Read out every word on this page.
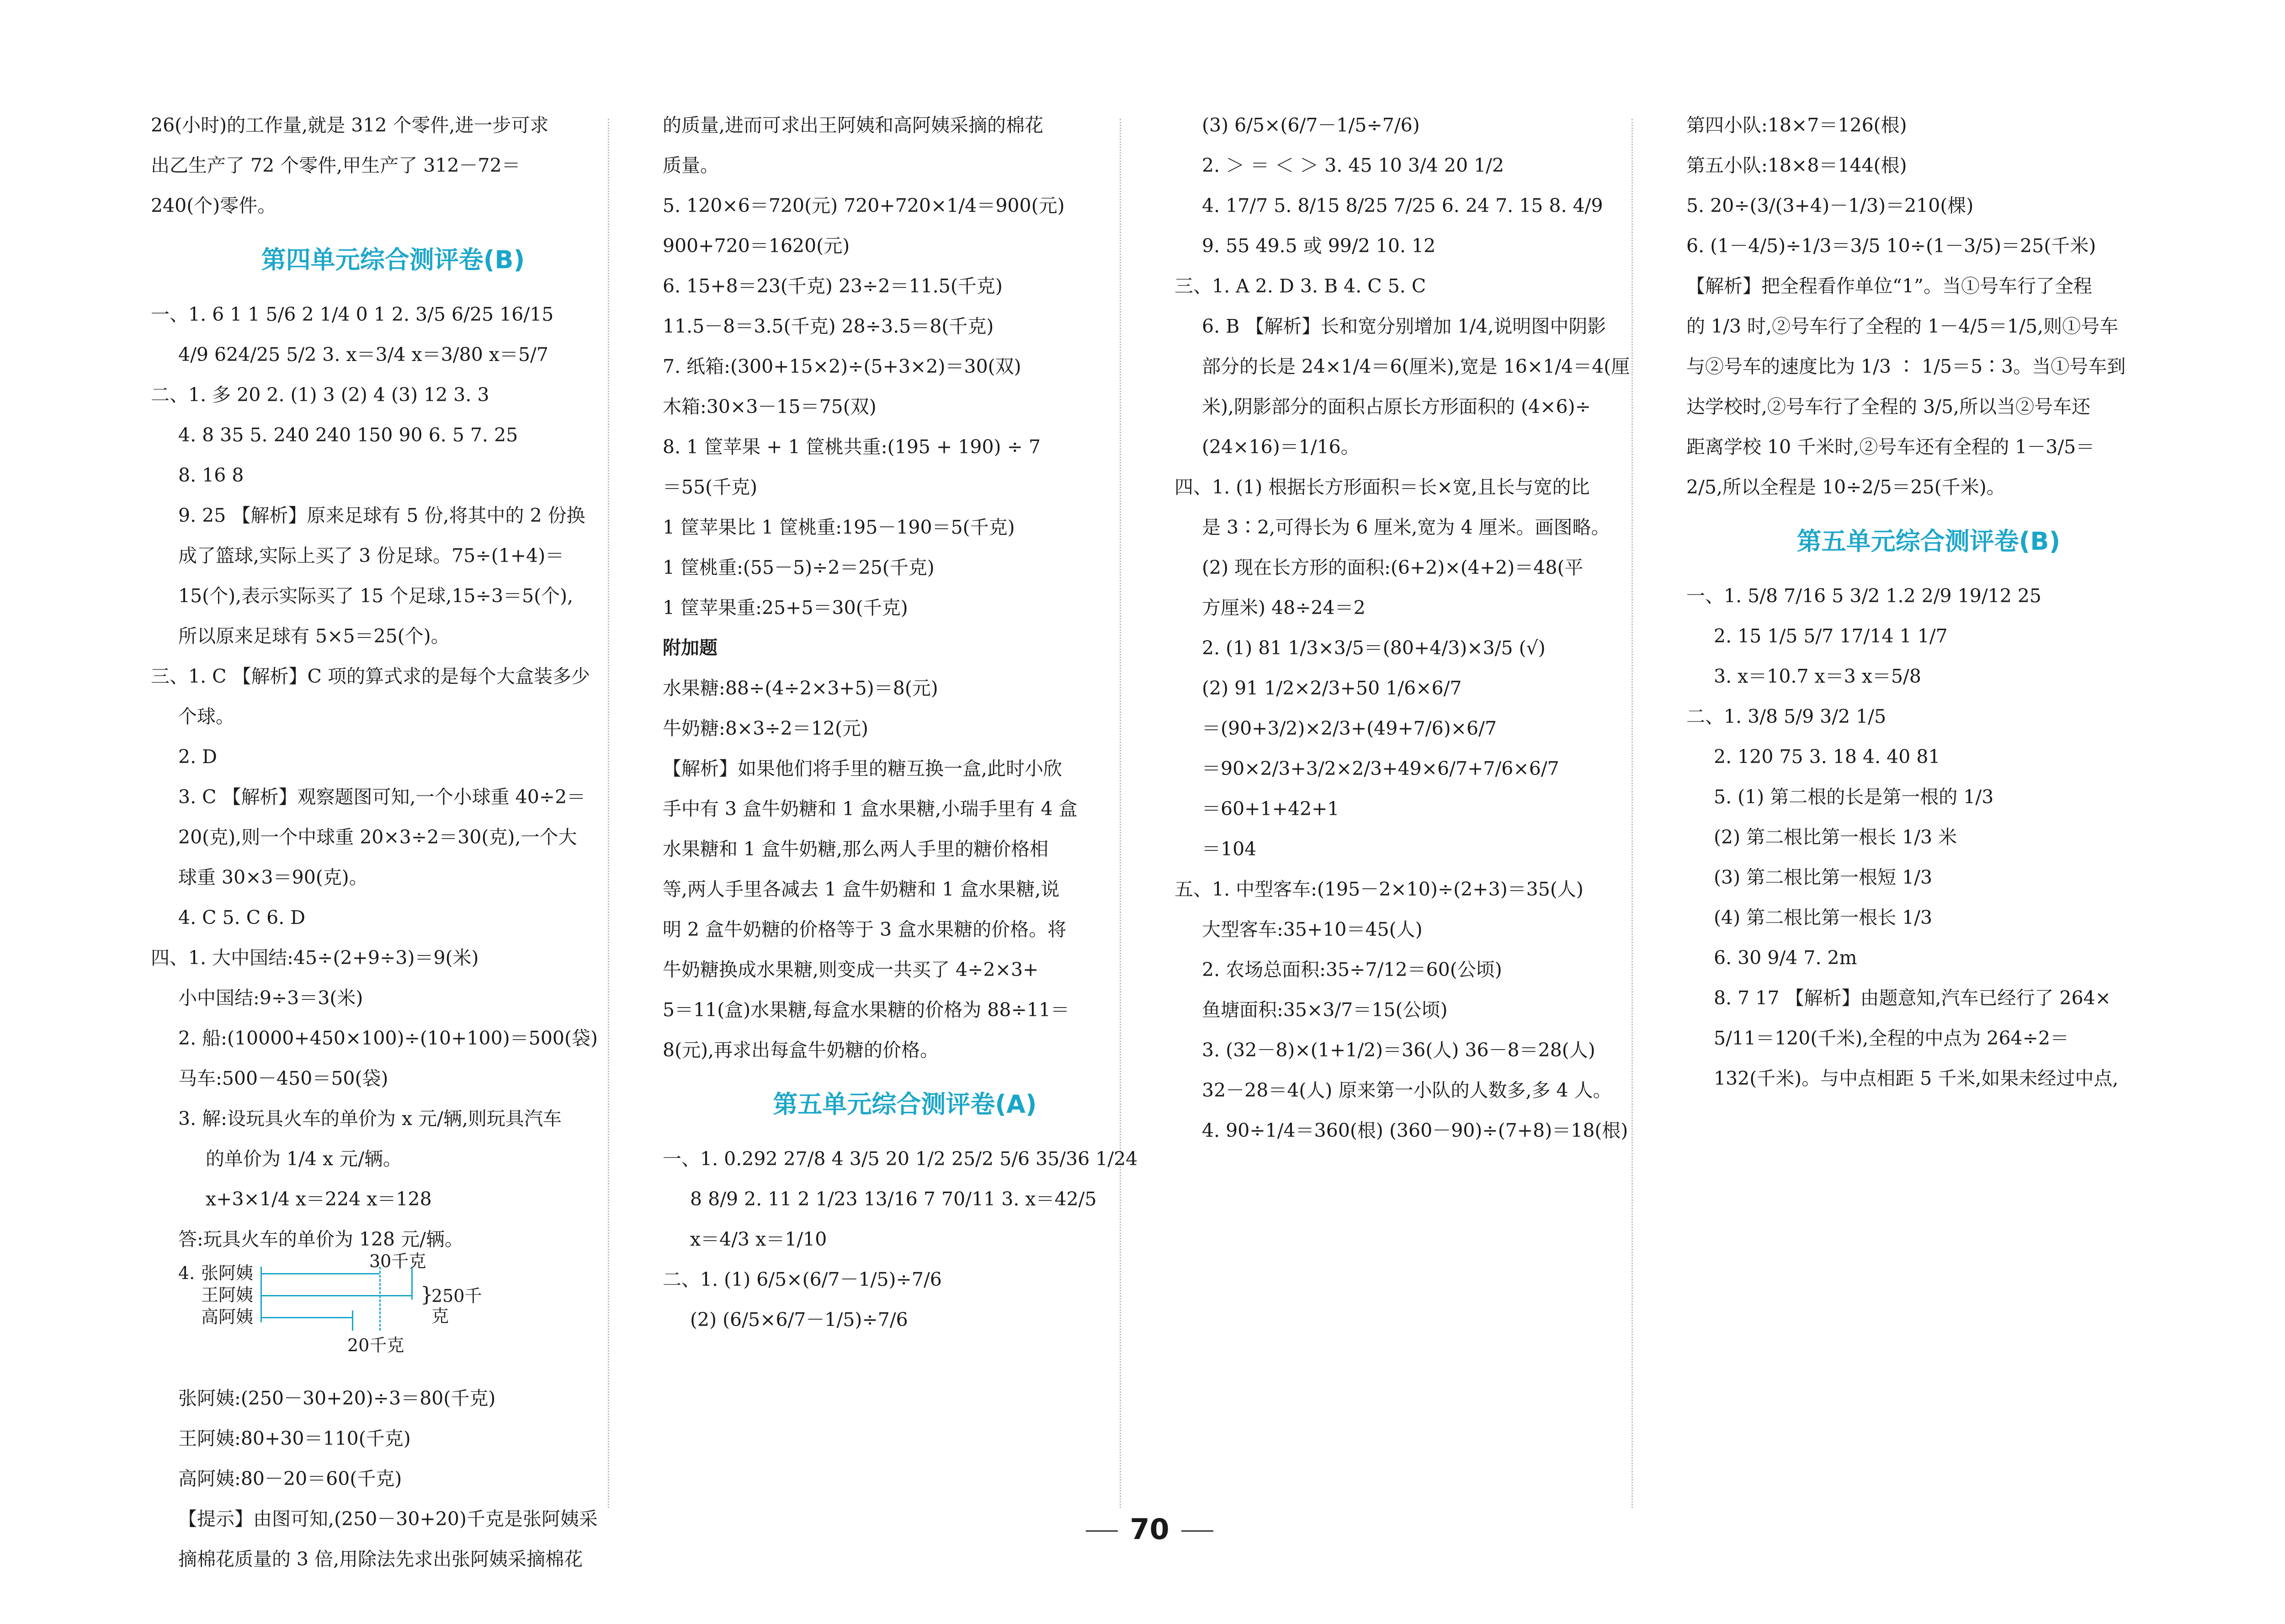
26(小时)的工作量,就是 312 个零件,进一步可求
出乙生产了 72 个零件,甲生产了 312－72＝
240(个)零件。
第四单元综合测评卷(B)
一、1. 6 1 1 5/6 2 1/4 0 1 2. 3/5 6/25 16/15
4/9 624/25 5/2 3. x＝3/4 x＝3/80 x＝5/7
二、1. 多 20 2. (1) 3 (2) 4 (3) 12 3. 3
4. 8 35 5. 240 240 150 90 6. 5 7. 25
8. 16 8
9. 25 【解析】原来足球有 5 份,将其中的 2 份换
成了篮球,实际上买了 3 份足球。75÷(1+4)＝
15(个),表示实际买了 15 个足球,15÷3＝5(个),
所以原来足球有 5×5＝25(个)。
三、1. C 【解析】C 项的算式求的是每个大盒装多少
个球。
2. D
3. C 【解析】观察题图可知,一个小球重 40÷2＝
20(克),则一个中球重 20×3÷2＝30(克),一个大
球重 30×3＝90(克)。
4. C 5. C 6. D
四、1. 大中国结:45÷(2+9÷3)＝9(米)
小中国结:9÷3＝3(米)
2. 船:(10000+450×100)÷(10+100)＝500(袋)
马车:500－450＝50(袋)
3. 解:设玩具火车的单价为 x 元/辆,则玩具汽车
的单价为 1/4 x 元/辆。
x+3×1/4 x＝224 x＝128
答:玩具火车的单价为 128 元/辆。
4. 张阿姨
王阿姨
高阿姨
30千克
}
250千克
20千克
张阿姨:(250－30+20)÷3＝80(千克)
王阿姨:80+30＝110(千克)
高阿姨:80－20＝60(千克)
【提示】由图可知,(250－30+20)千克是张阿姨采
摘棉花质量的 3 倍,用除法先求出张阿姨采摘棉花
的质量,进而可求出王阿姨和高阿姨采摘的棉花
质量。
5. 120×6＝720(元) 720+720×1/4＝900(元)
900+720＝1620(元)
6. 15+8＝23(千克) 23÷2＝11.5(千克)
11.5－8＝3.5(千克) 28÷3.5＝8(千克)
7. 纸箱:(300+15×2)÷(5+3×2)＝30(双)
木箱:30×3－15＝75(双)
8. 1 筐苹果 + 1 筐桃共重:(195 + 190) ÷ 7
＝55(千克)
1 筐苹果比 1 筐桃重:195－190＝5(千克)
1 筐桃重:(55－5)÷2＝25(千克)
1 筐苹果重:25+5＝30(千克)
附加题
水果糖:88÷(4÷2×3+5)＝8(元)
牛奶糖:8×3÷2＝12(元)
【解析】如果他们将手里的糖互换一盒,此时小欣
手中有 3 盒牛奶糖和 1 盒水果糖,小瑞手里有 4 盒
水果糖和 1 盒牛奶糖,那么两人手里的糖价格相
等,两人手里各减去 1 盒牛奶糖和 1 盒水果糖,说
明 2 盒牛奶糖的价格等于 3 盒水果糖的价格。将
牛奶糖换成水果糖,则变成一共买了 4÷2×3+
5＝11(盒)水果糖,每盒水果糖的价格为 88÷11＝
8(元),再求出每盒牛奶糖的价格。
第五单元综合测评卷(A)
一、1. 0.292 27/8 4 3/5 20 1/2 25/2 5/6 35/36 1/24
8 8/9 2. 11 2 1/23 13/16 7 70/11 3. x＝42/5
x＝4/3 x＝1/10
二、1. (1) 6/5×(6/7－1/5)÷7/6
(2) (6/5×6/7－1/5)÷7/6
(3) 6/5×(6/7－1/5÷7/6)
2. ＞ ＝ ＜ ＞ 3. 45 10 3/4 20 1/2
4. 17/7 5. 8/15 8/25 7/25 6. 24 7. 15 8. 4/9
9. 55 49.5 或 99/2 10. 12
三、1. A 2. D 3. B 4. C 5. C
6. B 【解析】长和宽分别增加 1/4,说明图中阴影
部分的长是 24×1/4＝6(厘米),宽是 16×1/4＝4(厘
米),阴影部分的面积占原长方形面积的 (4×6)÷
(24×16)＝1/16。
四、1. (1) 根据长方形面积＝长×宽,且长与宽的比
是 3∶2,可得长为 6 厘米,宽为 4 厘米。画图略。
(2) 现在长方形的面积:(6+2)×(4+2)＝48(平
方厘米) 48÷24＝2
2. (1) 81 1/3×3/5＝(80+4/3)×3/5 (√)
(2) 91 1/2×2/3+50 1/6×6/7
＝(90+3/2)×2/3+(49+7/6)×6/7
＝90×2/3+3/2×2/3+49×6/7+7/6×6/7
＝60+1+42+1
＝104
五、1. 中型客车:(195－2×10)÷(2+3)＝35(人)
大型客车:35+10＝45(人)
2. 农场总面积:35÷7/12＝60(公顷)
鱼塘面积:35×3/7＝15(公顷)
3. (32－8)×(1+1/2)＝36(人) 36－8＝28(人)
32－28＝4(人) 原来第一小队的人数多,多 4 人。
4. 90÷1/4＝360(根) (360－90)÷(7+8)＝18(根)
第四小队:18×7＝126(根)
第五小队:18×8＝144(根)
5. 20÷(3/(3+4)－1/3)＝210(棵)
6. (1－4/5)÷1/3＝3/5 10÷(1－3/5)＝25(千米)
【解析】把全程看作单位“1”。当①号车行了全程
的 1/3 时,②号车行了全程的 1－4/5＝1/5,则①号车
与②号车的速度比为 1/3 ∶ 1/5＝5∶3。当①号车到
达学校时,②号车行了全程的 3/5,所以当②号车还
距离学校 10 千米时,②号车还有全程的 1－3/5＝
2/5,所以全程是 10÷2/5＝25(千米)。
第五单元综合测评卷(B)
一、1. 5/8 7/16 5 3/2 1.2 2/9 19/12 25
2. 15 1/5 5/7 17/14 1 1/7
3. x＝10.7 x＝3 x＝5/8
二、1. 3/8 5/9 3/2 1/5
2. 120 75 3. 18 4. 40 81
5. (1) 第二根的长是第一根的 1/3
(2) 第二根比第一根长 1/3 米
(3) 第二根比第一根短 1/3
(4) 第二根比第一根长 1/3
6. 30 9/4 7. 2m
8. 7 17 【解析】由题意知,汽车已经行了 264×
5/11＝120(千米),全程的中点为 264÷2＝
132(千米)。与中点相距 5 千米,如果未经过中点,
70
